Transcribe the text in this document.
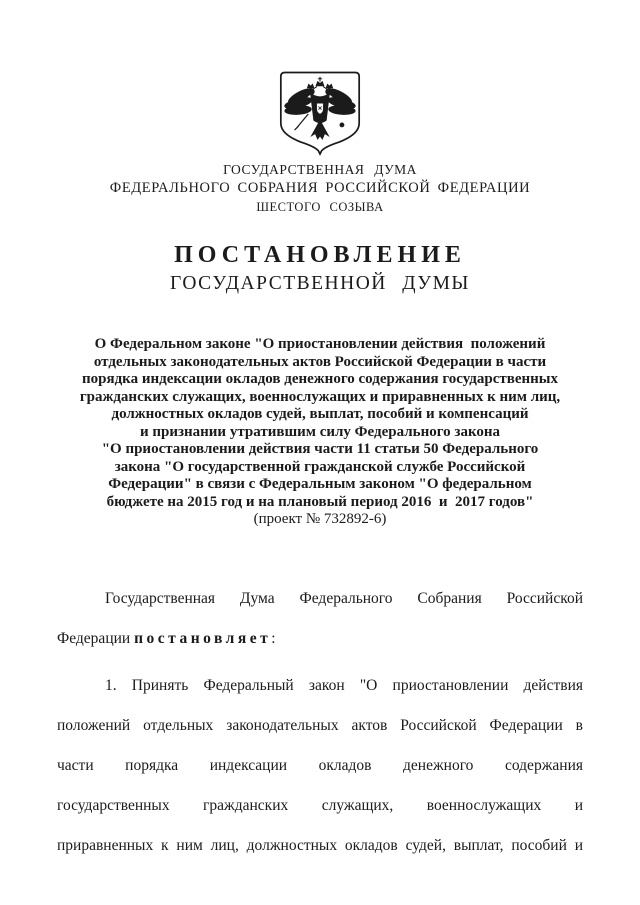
ГОСУДАРСТВЕННАЯ ДУМА
ФЕДЕРАЛЬНОГО СОБРАНИЯ РОССИЙСКОЙ ФЕДЕРАЦИИ
ШЕСТОГО СОЗЫВА
ПОСТАНОВЛЕНИЕ
ГОСУДАРСТВЕННОЙ ДУМЫ
О Федеральном законе "О приостановлении действия  положений
отдельных законодательных актов Российской Федерации в части
порядка индексации окладов денежного содержания государственных
гражданских служащих, военнослужащих и приравненных к ним лиц,
должностных окладов судей, выплат, пособий и компенсаций
и признании утратившим силу Федерального закона
"О приостановлении действия части 11 статьи 50 Федерального
закона "О государственной гражданской службе Российской
Федерации" в связи с Федеральным законом "О федеральном
бюджете на 2015 год и на плановый период 2016  и  2017 годов"
(проект № 732892-6)
Государственная Дума Федерального Собрания Российской
Федерации постановляет:
1. Принять Федеральный закон "О приостановлении действия
положений отдельных законодательных актов Российской Федерации в
части порядка индексации окладов денежного содержания
государственных гражданских служащих, военнослужащих и
приравненных к ним лиц, должностных окладов судей, выплат, пособий и
